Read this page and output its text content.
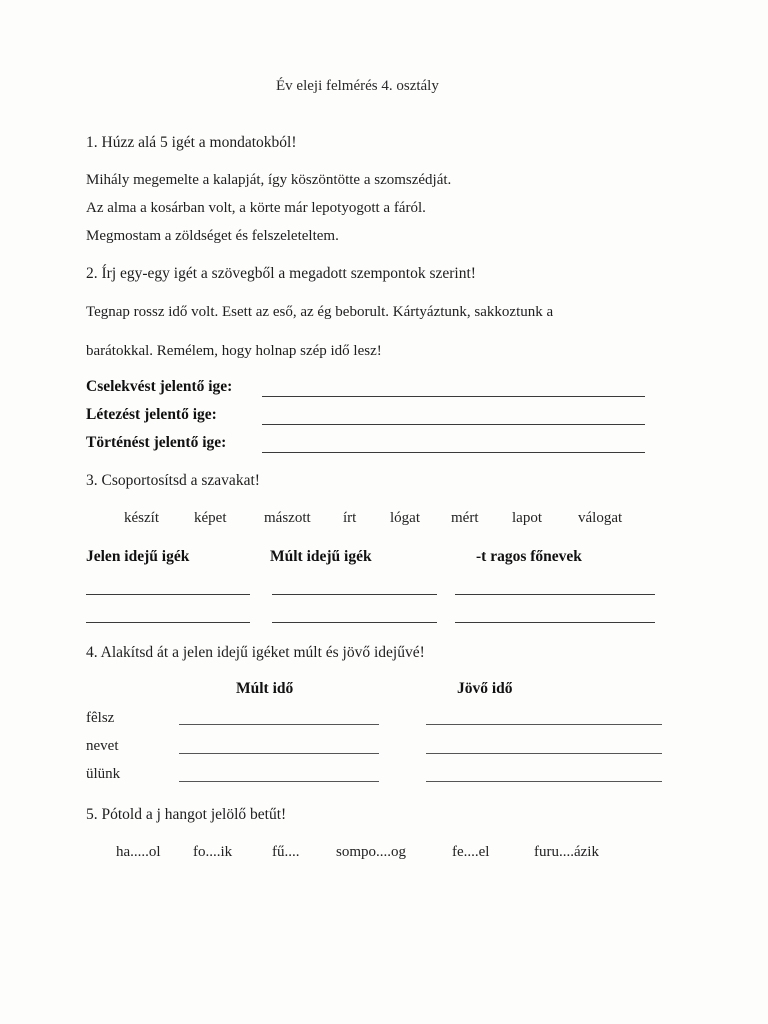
Év eleji felmérés 4. osztály
1. Húzz alá 5 igét a mondatokból!
Mihály megemelte a kalapját, így köszöntötte a szomszédját.
Az alma a kosárban volt, a körte már lepotyogott a fáról.
Megmostam a zöldséget és felszeleteltem.
2. Írj egy-egy igét a szövegből a megadott szempontok szerint!
Tegnap rossz idő volt. Esett az eső, az ég beborult. Kártyáztunk, sakkoztunk a
barátokkal. Remélem, hogy holnap szép idő lesz!
Cselekvést jelentő ige:
Létezést jelentő ige:
Történést jelentő ige:
3. Csoportosítsd a szavakat!
készít képet	mászott írt lógat mért lapot válogat
Jelen idejű igék	Múlt idejű igék	-t ragos főnevek
4. Alakítsd át a jelen idejű igéket múlt és jövő idejűvé!
Múlt idő	Jövő idő
fêlsz
nevet
ülünk
5. Pótold a j hangot jelölő betűt!
ha.....ol fo....ik	fű.... sompo....og	fe....el	furu....ázik
